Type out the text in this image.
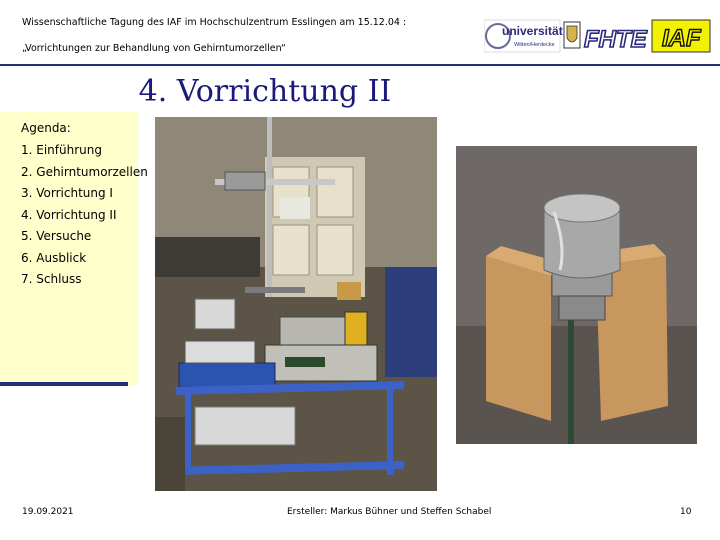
Wissenschaftliche Tagung des IAF im Hochschulzentrum Esslingen am 15.12.04 :
„Vorrichtungen zur Behandlung von Gehirntumorzellen“
universität
Witten/Herdecke FHTE IAF
4. Vorrichtung II
Agenda:
1. Einführung
2. Gehirntumorzellen
3. Vorrichtung I
4. Vorrichtung II
5. Versuche
6. Ausblick
7. Schluss
19.09.2021	Ersteller: Markus Bühner und Steffen Schabel	10
